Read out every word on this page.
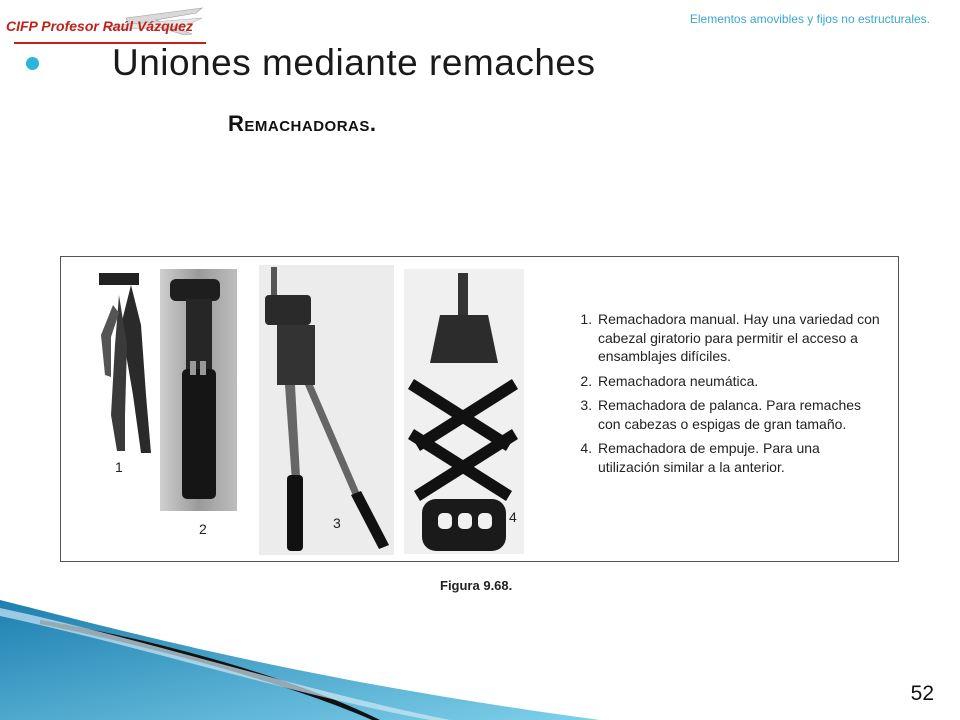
CIFP Profesor Raúl Vázquez	Elementos amovibles y fijos no estructurales.
Uniones mediante remaches
Remachadoras.
1
2	3	4
1. Remachadora manual. Hay una variedad con cabezal giratorio para permitir el acceso a ensamblajes difíciles.
2. Remachadora neumática.
3. Remachadora de palanca. Para remaches con cabezas o espigas de gran tamaño.
4. Remachadora de empuje. Para una utilización similar a la anterior.
Figura 9.68.
52
